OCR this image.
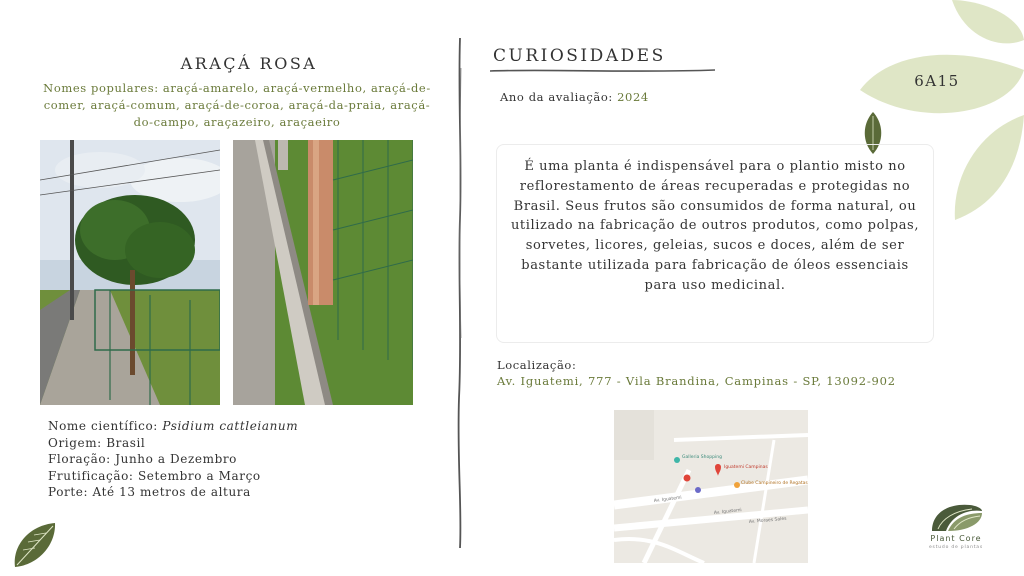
ARAÇÁ ROSA
Nomes populares: araçá-amarelo, araçá-vermelho, araçá-de-comer, araçá-comum, araçá-de-coroa, araçá-da-praia, araçá-do-campo, araçazeiro, araçaeiro
Nome científico: Psidium cattleianum
Origem: Brasil
Floração: Junho a Dezembro
Frutificação: Setembro a Março
Porte: Até 13 metros de altura
6A15
CURIOSIDADES
Ano da avaliação: 2024
É uma planta é indispensável para o plantio misto no reflorestamento de áreas recuperadas e protegidas no Brasil. Seus frutos são consumidos de forma natural, ou utilizado na fabricação de outros produtos, como polpas, sorvetes, licores, geleias, sucos e doces, além de ser bastante utilizada para fabricação de óleos essenciais para uso medicinal.
Localização:
Av. Iguatemi, 777 - Vila Brandina, Campinas - SP, 13092-902
Galleria Shopping
Iguatemi Campinas
Clube Campineiro de Regatas
Av. Iguatemi
Av. Iguatemi
Av. Moraes Sales
Plant Core
estudo de plantas
